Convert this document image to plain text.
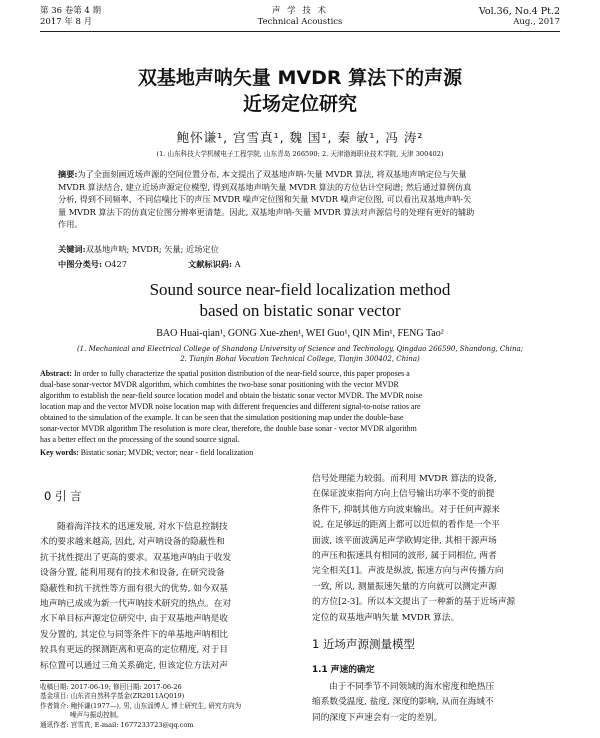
第 36 卷第 4 期
2017 年 8 月
声 学 技 术
Technical Acoustics
Vol.36, No.4 Pt.2
Aug., 2017
双基地声呐矢量 MVDR 算法下的声源
近场定位研究
鲍怀谦¹, 宫雪真¹, 魏 国¹, 秦 敏¹, 冯 涛²
(1. 山东科技大学机械电子工程学院, 山东青岛 266590; 2. 天津渤海职业技术学院, 天津 300402)
摘要:为了全面刻画近场声源的空间位置分布, 本文提出了双基地声呐-矢量 MVDR 算法, 将双基地声呐定位与矢量
MVDR 算法结合, 建立近场声源定位模型, 得到双基地声呐矢量 MVDR 算法的方位估计空间谱; 然后通过算例仿真
分析, 得到不同频率、不同信噪比下的声压 MVDR 噪声定位图和矢量 MVDR 噪声定位图, 可以看出双基地声呐-矢
量 MVDR 算法下的仿真定位图分辨率更清楚。因此, 双基地声呐-矢量 MVDR 算法对声源信号的处理有更好的辅助
作用。
关键词:双基地声呐; MVDR; 矢量; 近场定位
中图分类号: O427	文献标识码: A
Sound source near-field localization method
based on bistatic sonar vector
BAO Huai-qian¹, GONG Xue-zhen¹, WEI Guo¹, QIN Min¹, FENG Tao²
(1. Mechanical and Electrical College of Shandong University of Science and Technology, Qingdao 266590, Shandong, China;
2. Tianjin Bohai Vocation Technical College, Tianjin 300402, China)
Abstract: In order to fully characterize the spatial position distribution of the near-field source, this paper proposes a
dual-base sonar-vector MVDR algorithm, which combines the two-base sonar positioning with the vector MVDR
algorithm to establish the near-field source location model and obtain the bistatic sonar vector MVDR. The MVDR noise
location map and the vector MVDR noise location map with different frequencies and different signal-to-noise ratios are
obtained to the simulation of the example. It can be seen that the simulation positioning map under the double-base
sonar-vector MVDR algorithm The resolution is more clear, therefore, the double base sonar - vector MVDR algorithm
has a better effect on the processing of the sound source signal.
Key words: Bistatic sonar; MVDR; vector; near - field localization
0 引 言
随着海洋技术的迅速发展, 对水下信息控制技
术的要求越来越高, 因此, 对声呐设备的隐蔽性和
抗干扰性提出了更高的要求。双基地声呐由于收发
设备分置, 能利用现有的技术和设备, 在研究设备
隐蔽性和抗干扰性等方面有很大的优势, 如今双基
地声呐已成成为新一代声呐技术研究的热点。在对
水下单目标声源定位研究中, 由于双基地声呐是收
发分置的, 其定位与同等条件下的单基地声呐相比
较具有更远的探测距离和更高的定位精度, 对于目
标位置可以通过三角关系确定, 但该定位方法对声
收稿日期: 2017-06-19; 修回日期: 2017-06-26
基金项目: 山东省自然科学基金(ZR2011AQ019)
作者简介: 鲍怀谦(1977—), 男, 山东淄博人, 博士研究生, 研究方向为
噪声与振动控制。
通讯作者: 宫雪真, E-mail: 1677233723@qq.com
信号处理能力较弱。而利用 MVDR 算法的设备,
在保证波束指向方向上信号输出功率不变的前提
条件下, 抑制其他方向波束输出。对于任何声源来
说, 在足够远的距离上都可以近似的看作是一个平
面波, 该平面波满足声学欧姆定律, 其相干源声场
的声压和振速具有相同的波形, 属于同相位, 两者
完全相关[1]。声波是纵波, 振速方向与声传播方向
一致, 所以, 测量振速矢量的方向就可以测定声源
的方位[2-3]。所以本文提出了一种新的基于近场声源
定位的双基地声呐矢量 MVDR 算法。
1 近场声源测量模型
1.1 声速的确定
由于不同季节不同领域的海水密度和绝热压
缩系数受温度, 盐度, 深度的影响, 从而在海域不
同的深度下声速会有一定的差别。
